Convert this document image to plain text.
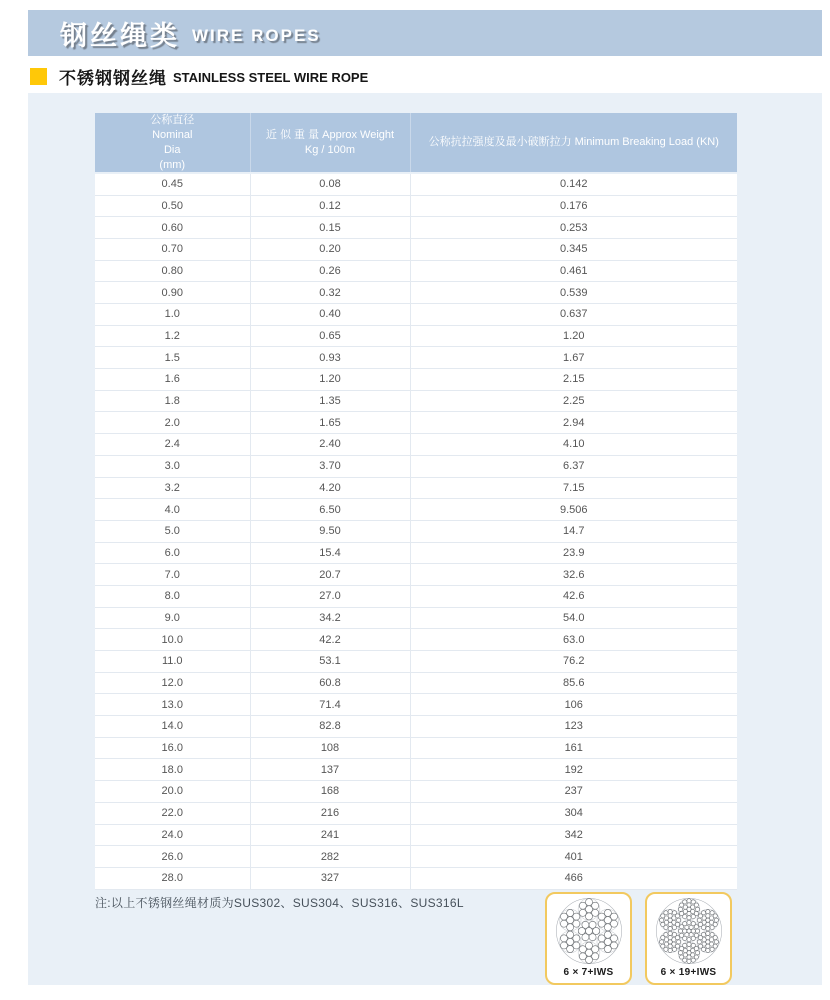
钢丝绳类 WIRE ROPES
不锈钢钢丝绳 STAINLESS STEEL WIRE ROPE
公称直径
Nominal
Dia
(mm)

近 似 重 量 Approx Weight
Kg / 100m

公称抗拉强度及最小破断拉力 Minimum Breaking Load (KN)

0.45	0.08	0.142
0.50	0.12	0.176
0.60	0.15	0.253
0.70	0.20	0.345
0.80	0.26	0.461
0.90	0.32	0.539
1.0	0.40	0.637
1.2	0.65	1.20
1.5	0.93	1.67
1.6	1.20	2.15
1.8	1.35	2.25
2.0	1.65	2.94
2.4	2.40	4.10
3.0	3.70	6.37
3.2	4.20	7.15
4.0	6.50	9.506
5.0	9.50	14.7
6.0	15.4	23.9
7.0	20.7	32.6
8.0	27.0	42.6
9.0	34.2	54.0
10.0	42.2	63.0
11.0	53.1	76.2
12.0	60.8	85.6
13.0	71.4	106
14.0	82.8	123
16.0	108	161
18.0	137	192
20.0	168	237
22.0	216	304
24.0	241	342
26.0	282	401
28.0	327	466
注:以上不锈钢丝绳材质为SUS302、SUS304、SUS316、SUS316L
6 × 7+IWS	6 × 19+IWS
